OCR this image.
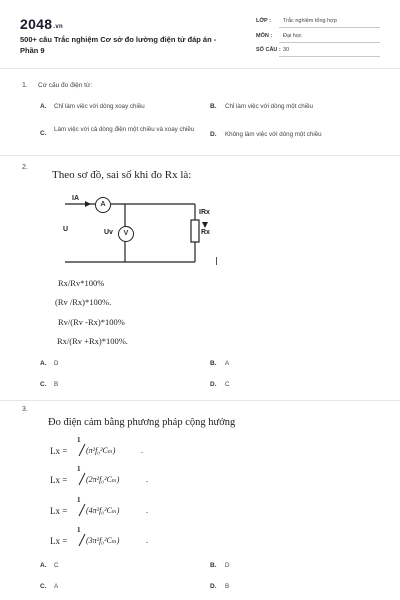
2048.vn
500+ câu Trắc nghiệm Cơ sở đo lường điện tử đáp án - Phần 9
LỚP : Trắc nghiệm tổng hợp
MÔN : Đại học
SỐ CÂU : 30
1. Cơ cấu đo điện từ:
A. Chỉ làm việc với dòng xoay chiều	B. Chỉ làm việc với dòng một chiều
C.
Làm việc với cả dòng điện một chiều và xoay chiều
D. Không làm việc với dòng một chiều
2.
Theo sơ đồ, sai số khi đo Rx là:
A
V
IA
U	Uv
IRx
Rx
Rx/Rv*100%
(Rv /Rx)*100%.
Rv/(Rv -Rx)*100%
Rx/(Rv +Rx)*100%.
A. D	B. A
C. B	D. C
3.
Đo điện cảm bằng phương pháp cộng hưởng
Lx =
1
(π²f₀²Cₘ)	.
Lx =
1
(2π²f₀²Cₘ)	.
Lx =
1
(4π²f₀²Cₘ)	.
Lx =
1
(3π²f₀²Cₘ)	.
A. C	B. D
C. A	D. B
